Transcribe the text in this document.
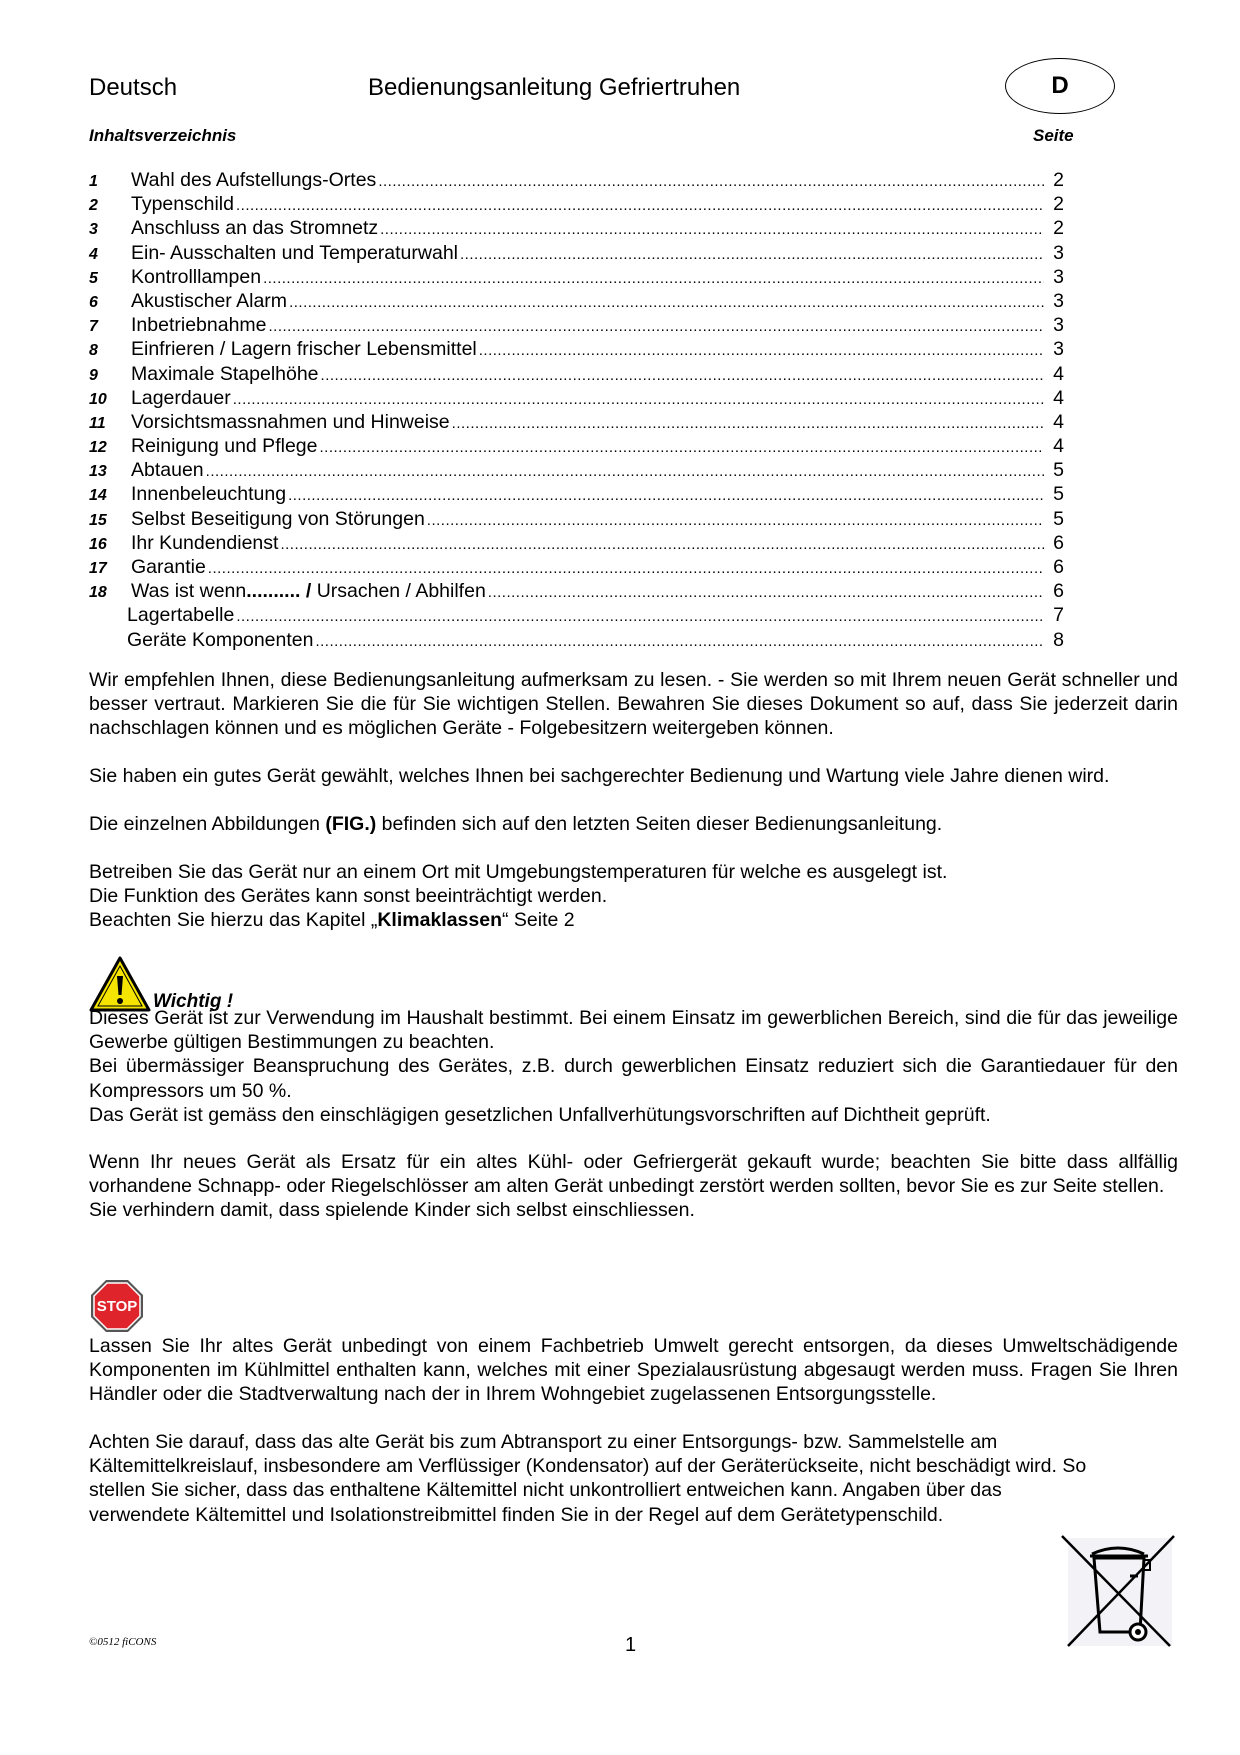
Deutsch	Bedienungsanleitung Gefriertruhen	D
Inhaltsverzeichnis	Seite
1	Wahl des Aufstellungs-Ortes .....	2
2	Typenschild .....	2
3	Anschluss an das Stromnetz .....	2
4	Ein- Ausschalten und Temperaturwahl .....	3
5	Kontrolllampen .....	3
6	Akustischer Alarm .....	3
7	Inbetriebnahme .....	3
8	Einfrieren / Lagern frischer Lebensmittel .....	3
9	Maximale Stapelhöhe .....	4
10	Lagerdauer .....	4
11	Vorsichtsmassnahmen und Hinweise .....	4
12	Reinigung und Pflege .....	4
13	Abtauen .....	5
14	Innenbeleuchtung .....	5
15	Selbst Beseitigung von Störungen .....	5
16	Ihr Kundendienst .....	6
17	Garantie .....	6
18	Was ist wenn.......... / Ursachen / Abhilfen .....	6
Lagertabelle .....	7
Geräte Komponenten .....	8

Wir empfehlen Ihnen, diese Bedienungsanleitung aufmerksam zu lesen. - Sie werden so mit Ihrem neuen Gerät schneller und besser vertraut. Markieren Sie die für Sie wichtigen Stellen. Bewahren Sie dieses Dokument so auf, dass Sie jederzeit darin nachschlagen können und es möglichen Geräte - Folgebesitzern weitergeben können.

Sie haben ein gutes Gerät gewählt, welches Ihnen bei sachgerechter Bedienung und Wartung viele Jahre dienen wird.

Die einzelnen Abbildungen (FIG.) befinden sich auf den letzten Seiten dieser Bedienungsanleitung.

Betreiben Sie das Gerät nur an einem Ort mit Umgebungstemperaturen für welche es ausgelegt ist.

Die Funktion des Gerätes kann sonst beeinträchtigt werden.

Beachten Sie hierzu das Kapitel „Klimaklassen“ Seite 2

Wichtig !

Dieses Gerät ist zur Verwendung im Haushalt bestimmt. Bei einem Einsatz im gewerblichen Bereich, sind die für das jeweilige Gewerbe gültigen Bestimmungen zu beachten.

Bei übermässiger Beanspruchung des Gerätes, z.B. durch gewerblichen Einsatz reduziert sich die Garantiedauer für den Kompressors um 50 %.

Das Gerät ist gemäss den einschlägigen gesetzlichen Unfallverhütungsvorschriften auf Dichtheit geprüft.

Wenn Ihr neues Gerät als Ersatz für ein altes Kühl- oder Gefriergerät gekauft wurde; beachten Sie bitte dass allfällig vorhandene Schnapp- oder Riegelschlösser am alten Gerät unbedingt zerstört werden sollten, bevor Sie es zur Seite stellen.

Sie verhindern damit, dass spielende Kinder sich selbst einschliessen.

STOP

Lassen Sie Ihr altes Gerät unbedingt von einem Fachbetrieb Umwelt gerecht entsorgen, da dieses Umweltschädigende Komponenten im Kühlmittel enthalten kann, welches mit einer Spezialausrüstung abgesaugt werden muss. Fragen Sie Ihren Händler oder die Stadtverwaltung nach der in Ihrem Wohngebiet zugelassenen Entsorgungsstelle.

Achten Sie darauf, dass das alte Gerät bis zum Abtransport zu einer Entsorgungs- bzw. Sammelstelle am

Kältemittelkreislauf, insbesondere am Verflüssiger (Kondensator) auf der Geräterückseite, nicht beschädigt wird. So

stellen Sie sicher, dass das enthaltene Kältemittel nicht unkontrolliert entweichen kann. Angaben über das

verwendete Kältemittel und Isolationstreibmittel finden Sie in der Regel auf dem Gerätetypenschild.

©0512 fiCONS	1
